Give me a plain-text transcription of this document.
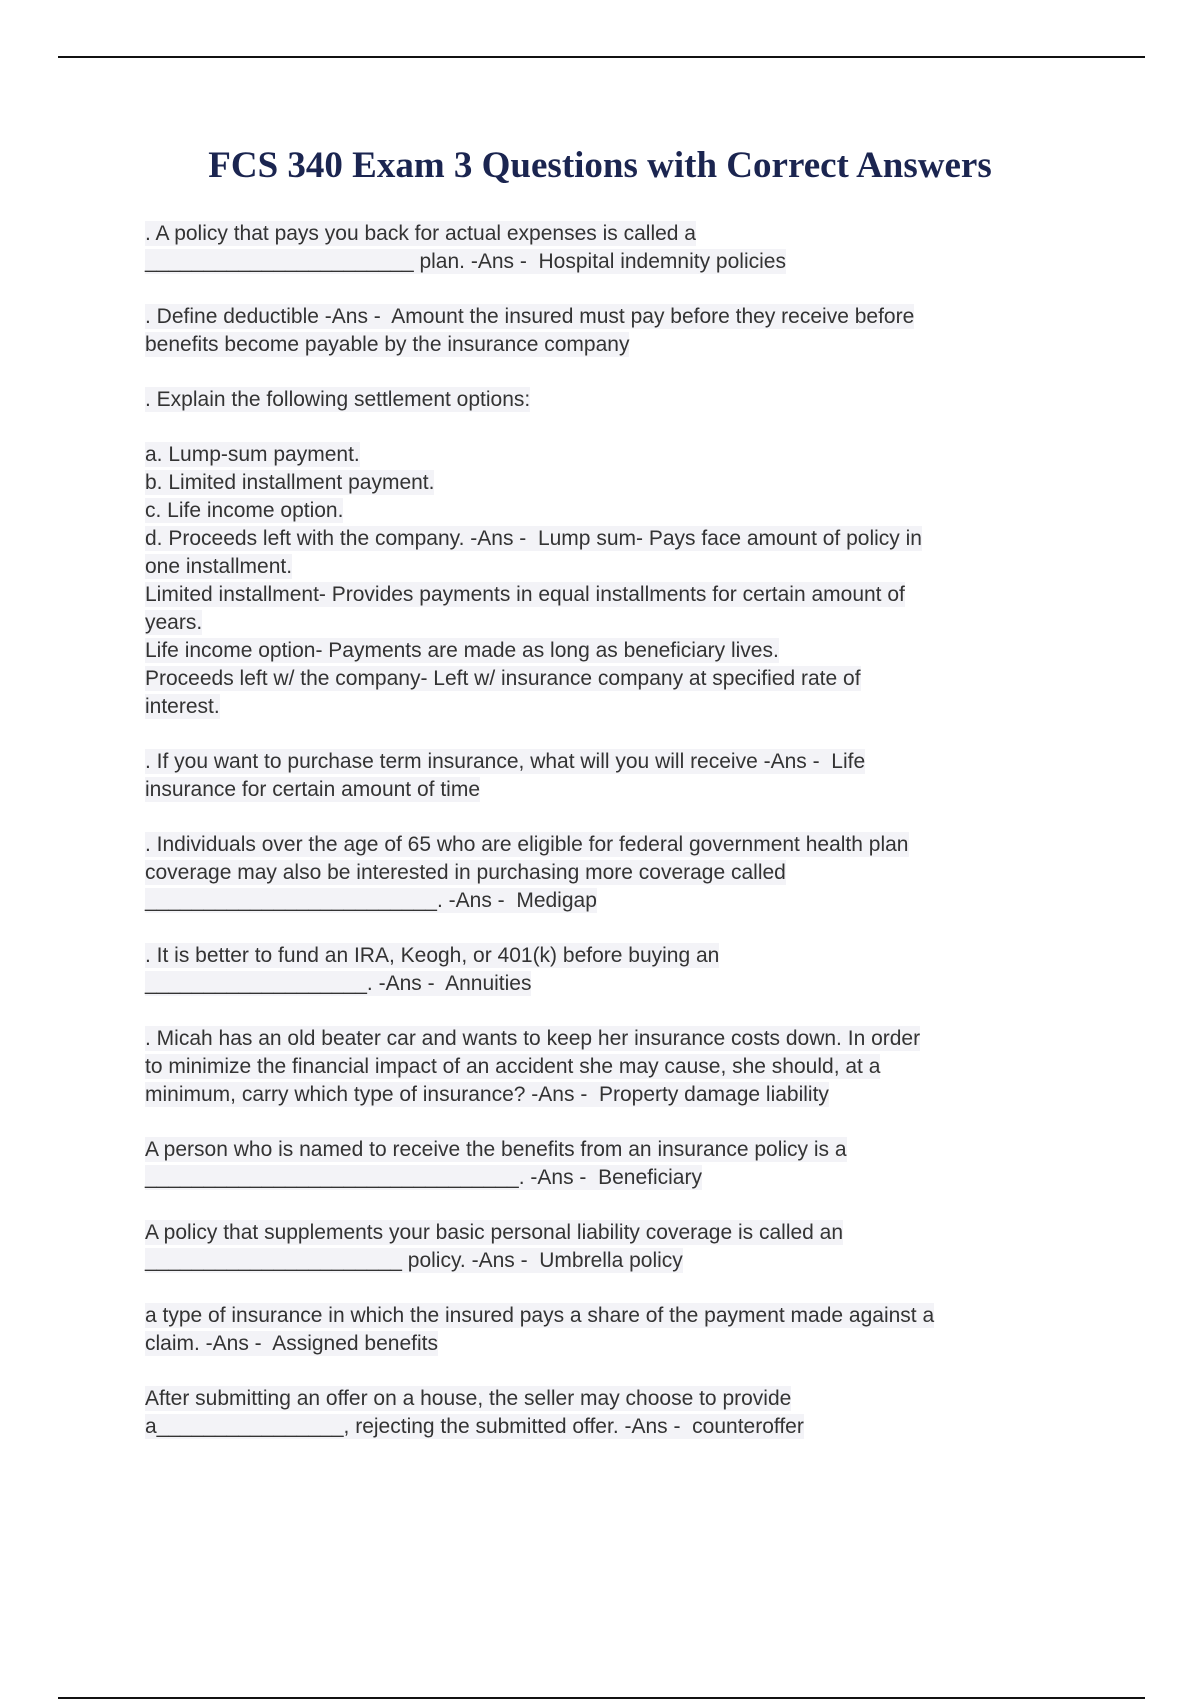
FCS 340 Exam 3 Questions with Correct Answers
. A policy that pays you back for actual expenses is called a
_______________________ plan. -Ans -  Hospital indemnity policies
. Define deductible -Ans -  Amount the insured must pay before they receive before
benefits become payable by the insurance company
. Explain the following settlement options:
a. Lump-sum payment.
b. Limited installment payment.
c. Life income option.
d. Proceeds left with the company. -Ans -  Lump sum- Pays face amount of policy in
one installment.
Limited installment- Provides payments in equal installments for certain amount of
years.
Life income option- Payments are made as long as beneficiary lives.
Proceeds left w/ the company- Left w/ insurance company at specified rate of
interest.
. If you want to purchase term insurance, what will you will receive -Ans -  Life
insurance for certain amount of time
. Individuals over the age of 65 who are eligible for federal government health plan
coverage may also be interested in purchasing more coverage called
_________________________. -Ans -  Medigap
. It is better to fund an IRA, Keogh, or 401(k) before buying an
___________________. -Ans -  Annuities
. Micah has an old beater car and wants to keep her insurance costs down. In order
to minimize the financial impact of an accident she may cause, she should, at a
minimum, carry which type of insurance? -Ans -  Property damage liability
A person who is named to receive the benefits from an insurance policy is a
________________________________. -Ans -  Beneficiary
A policy that supplements your basic personal liability coverage is called an
______________________ policy. -Ans -  Umbrella policy
a type of insurance in which the insured pays a share of the payment made against a
claim. -Ans -  Assigned benefits
After submitting an offer on a house, the seller may choose to provide
a________________, rejecting the submitted offer. -Ans -  counteroffer
